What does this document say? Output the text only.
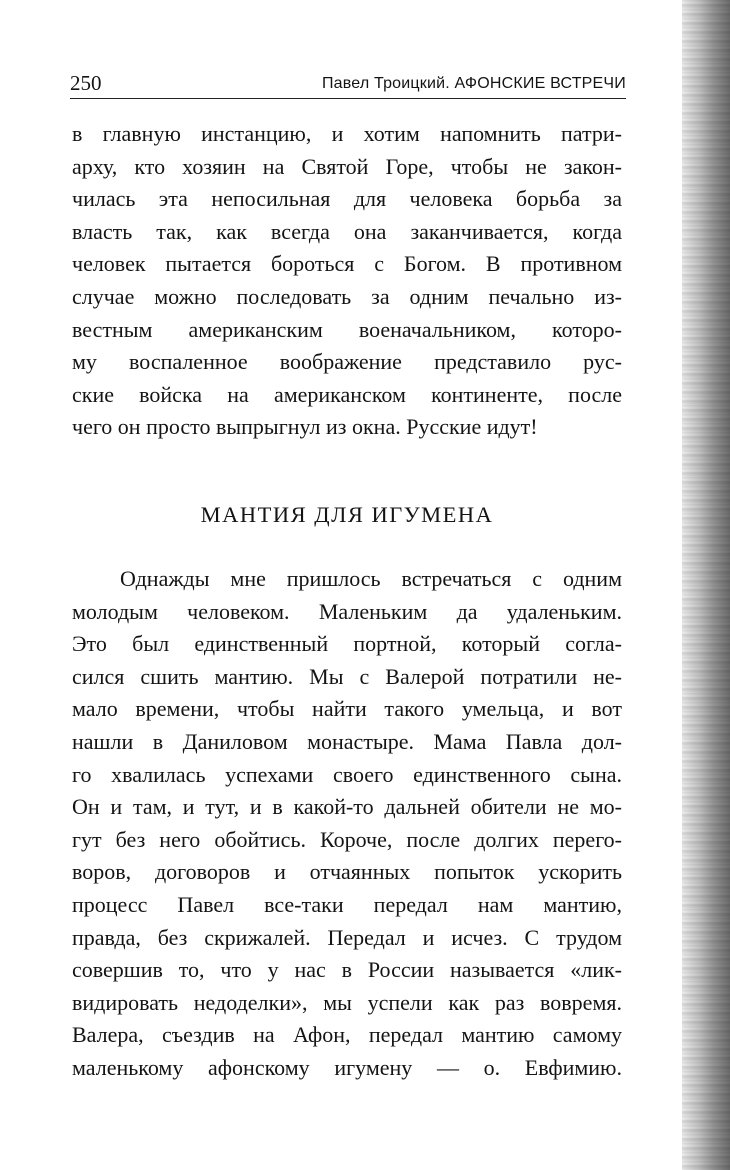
250	Павел Троицкий. АФОНСКИЕ ВСТРЕЧИ
в главную инстанцию, и хотим напомнить патри-
арху, кто хозяин на Святой Горе, чтобы не закон-
чилась эта непосильная для человека борьба за
власть так, как всегда она заканчивается, когда
человек пытается бороться с Богом. В противном
случае можно последовать за одним печально из-
вестным американским военачальником, которо-
му воспаленное воображение представило рус-
ские войска на американском континенте, после
чего он просто выпрыгнул из окна. Русские идут!
МАНТИЯ ДЛЯ ИГУМЕНА
Однажды мне пришлось встречаться с одним
молодым человеком. Маленьким да удаленьким.
Это был единственный портной, который согла-
сился сшить мантию. Мы с Валерой потратили не-
мало времени, чтобы найти такого умельца, и вот
нашли в Даниловом монастыре. Мама Павла дол-
го хвалилась успехами своего единственного сына.
Он и там, и тут, и в какой-то дальней обители не мо-
гут без него обойтись. Короче, после долгих перего-
воров, договоров и отчаянных попыток ускорить
процесс Павел все-таки передал нам мантию,
правда, без скрижалей. Передал и исчез. С трудом
совершив то, что у нас в России называется «лик-
видировать недоделки», мы успели как раз вовремя.
Валера, съездив на Афон, передал мантию самому
маленькому афонскому игумену — о. Евфимию.
